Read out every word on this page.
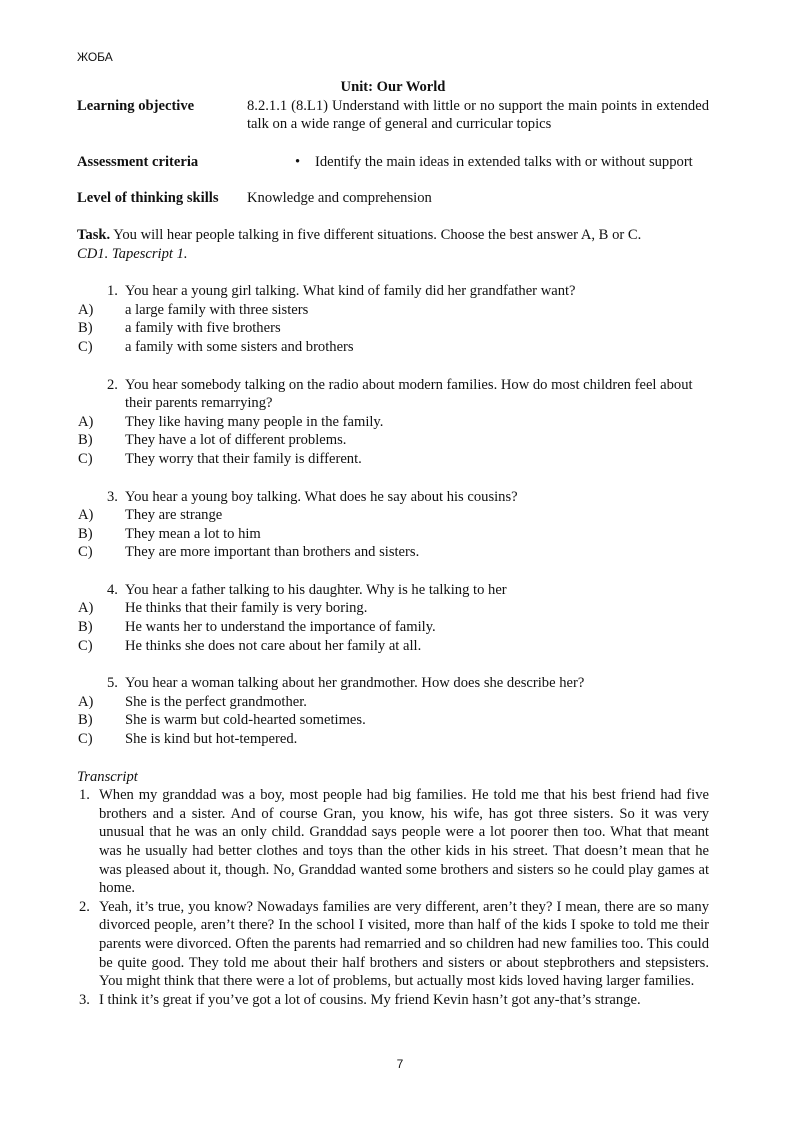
ЖОБА
Unit: Our World
Learning objective	8.2.1.1 (8.L1) Understand with little or no support the main points in extended talk on a wide range of general and curricular topics
Assessment criteria
•	Identify the main ideas in extended talks with or without support
Level of thinking skills	Knowledge and comprehension
Task. You will hear people talking in five different situations. Choose the best answer A, B or C.
CD1. Tapescript 1.
1. You hear a young girl talking. What kind of family did her grandfather want?
A)	a large family with three sisters
B)	a family with five brothers
C)	a family with some sisters and brothers
2. You hear somebody talking on the radio about modern families. How do most children feel about their parents remarrying?
A)	They like having many people in the family.
B)	They have a lot of different problems.
C)	They worry that their family is different.
3. You hear a young boy talking. What does he say about his cousins?
A)	They are strange
B)	They mean a lot to him
C)	They are more important than brothers and sisters.
4. You hear a father talking to his daughter. Why is he talking to her
A)	He thinks that their family is very boring.
B)	He wants her to understand the importance of family.
C)	He thinks she does not care about her family at all.
5. You hear a woman talking about her grandmother. How does she describe her?
A)	She is the perfect grandmother.
B)	She is warm but cold-hearted sometimes.
C)	She is kind but hot-tempered.
Transcript
1. When my granddad was a boy, most people had big families. He told me that his best friend had five brothers and a sister. And of course Gran, you know, his wife, has got three sisters. So it was very unusual that he was an only child. Granddad says people were a lot poorer then too. What that meant was he usually had better clothes and toys than the other kids in his street. That doesn’t mean that he was pleased about it, though. No, Granddad wanted some brothers and sisters so he could play games at home.
2. Yeah, it’s true, you know? Nowadays families are very different, aren’t they? I mean, there are so many divorced people, aren’t there? In the school I visited, more than half of the kids I spoke to told me their parents were divorced. Often the parents had remarried and so children had new families too. This could be quite good. They told me about their half brothers and sisters or about stepbrothers and stepsisters. You might think that there were a lot of problems, but actually most kids loved having larger families.
3. I think it’s great if you’ve got a lot of cousins. My friend Kevin hasn’t got any-that’s strange.
7
